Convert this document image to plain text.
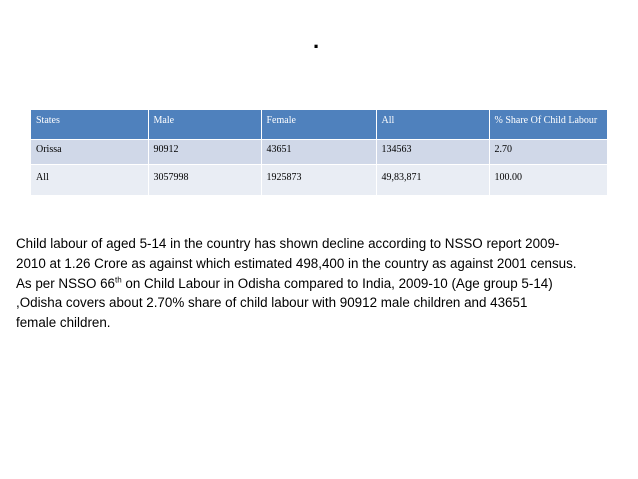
.
States	Male	Female	All	% Share Of Child Labour
Orissa	90912	43651	134563	2.70
All	3057998	1925873	49,83,871	100.00
Child labour of aged 5-14 in the country has shown decline according to NSSO report 2009-
2010 at 1.26 Crore as against which estimated 498,400 in the country as against 2001 census.
As per NSSO 66th on Child Labour in Odisha compared to India, 2009-10 (Age group 5-14)
,Odisha covers about 2.70% share of child labour with 90912 male children and 43651
female children.
